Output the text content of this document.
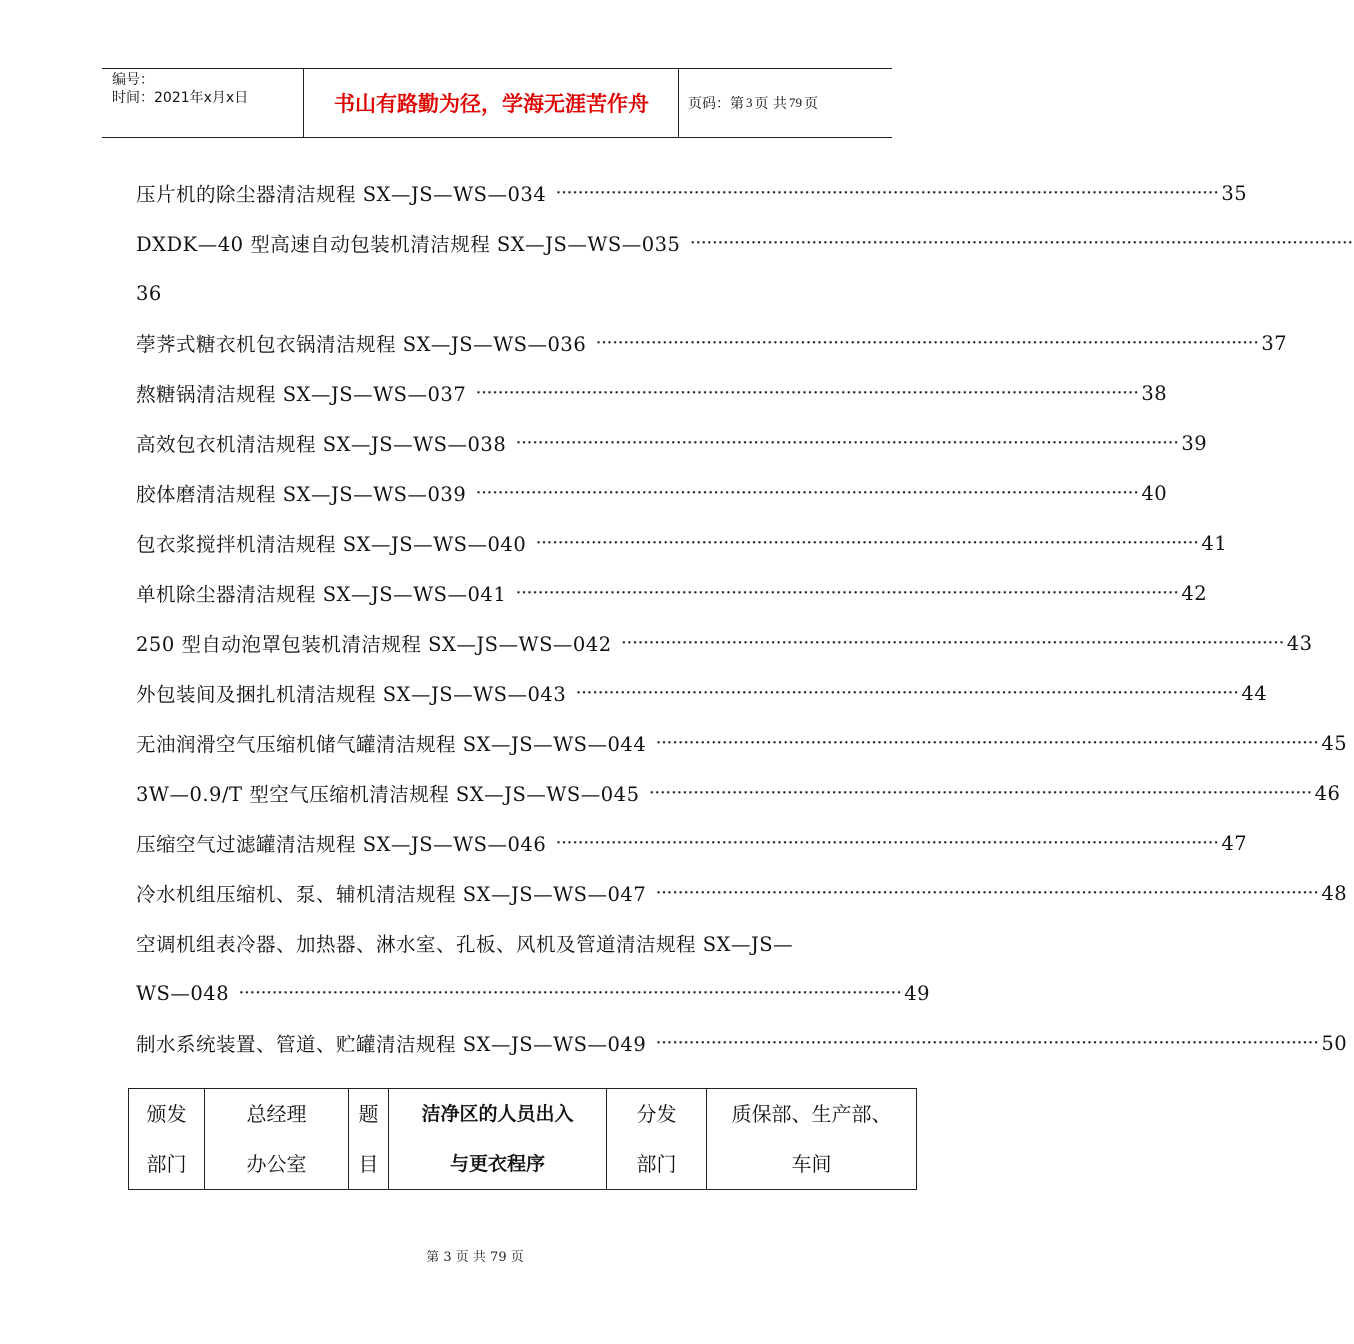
编号：
时间：2021年x月x日	书山有路勤为径，学海无涯苦作舟	页码：第 3 页 共 79 页
压片机的除尘器清洁规程 SX—JS—WS—034 ························································································································ 35
DXDK—40 型高速自动包装机清洁规程 SX—JS—WS—035 ························································································································
36
荸荠式糖衣机包衣锅清洁规程 SX—JS—WS—036 ························································································································ 37
熬糖锅清洁规程 SX—JS—WS—037 ························································································································ 38
高效包衣机清洁规程 SX—JS—WS—038 ························································································································ 39
胶体磨清洁规程 SX—JS—WS—039 ························································································································ 40
包衣浆搅拌机清洁规程 SX—JS—WS—040 ························································································································ 41
单机除尘器清洁规程 SX—JS—WS—041 ························································································································ 42
250 型自动泡罩包装机清洁规程 SX—JS—WS—042 ························································································································ 43
外包装间及捆扎机清洁规程 SX—JS—WS—043 ························································································································ 44
无油润滑空气压缩机储气罐清洁规程 SX—JS—WS—044 ························································································································ 45
3W—0.9/T 型空气压缩机清洁规程 SX—JS—WS—045 ························································································································ 46
压缩空气过滤罐清洁规程 SX—JS—WS—046 ························································································································ 47
冷水机组压缩机、泵、辅机清洁规程 SX—JS—WS—047 ························································································································ 48
空调机组表冷器、加热器、淋水室、孔板、风机及管道清洁规程 SX—JS—
WS—048 ························································································································ 49
制水系统装置、管道、贮罐清洁规程 SX—JS—WS—049 ························································································································ 50
颁发
部门

总经理
办公室

题
目

洁净区的人员出入
与更衣程序

分发
部门

质保部、生产部、
车间
第 3 页 共 79 页
